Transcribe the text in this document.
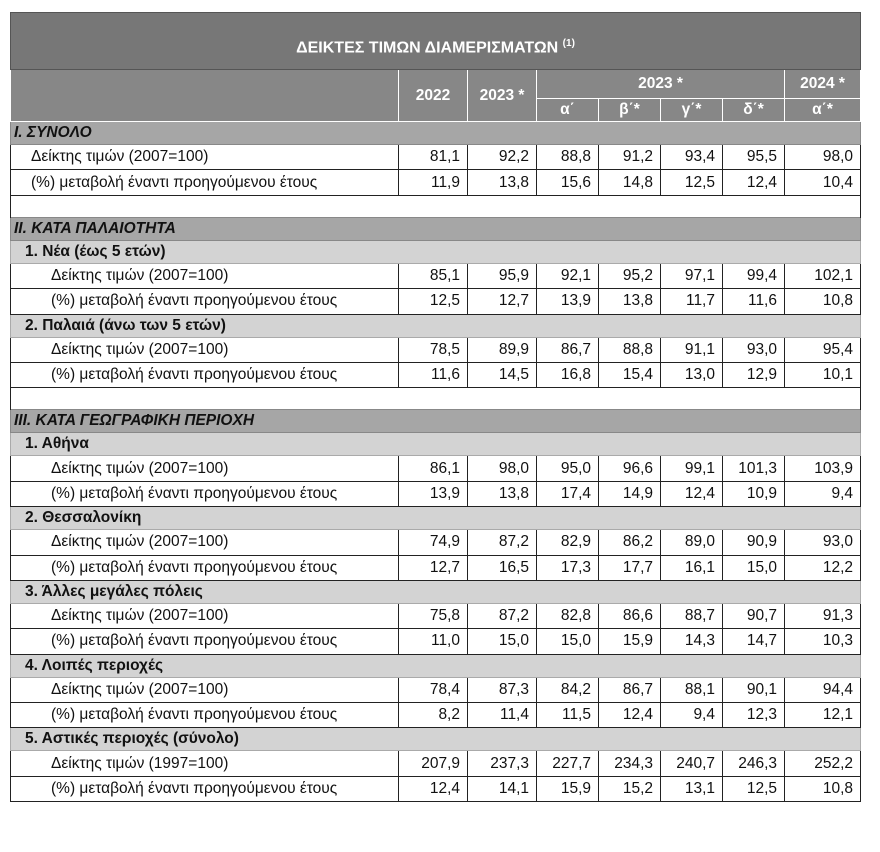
ΔΕΙΚΤΕΣ ΤΙΜΩΝ ΔΙΑΜΕΡΙΣΜΑΤΩΝ $^{(1)}$
	2022	2023 *	2023 *				2024 *
			α΄	β΄*	γ΄*	δ΄*	α΄*
I. ΣΥΝΟΛΟ							
Δείκτης τιμών (2007=100)	81,1	92,2	88,8	91,2	93,4	95,5	98,0
(%) μεταβολή έναντι προηγούμενου έτους	11,9	13,8	15,6	14,8	12,5	12,4	10,4

II. ΚΑΤΑ ΠΑΛΑΙΟΤΗΤΑ							
1. Νέα (έως 5 ετών)							
Δείκτης τιμών (2007=100)	85,1	95,9	92,1	95,2	97,1	99,4	102,1
(%) μεταβολή έναντι προηγούμενου έτους	12,5	12,7	13,9	13,8	11,7	11,6	10,8
2. Παλαιά (άνω των 5 ετών)							
Δείκτης τιμών (2007=100)	78,5	89,9	86,7	88,8	91,1	93,0	95,4
(%) μεταβολή έναντι προηγούμενου έτους	11,6	14,5	16,8	15,4	13,0	12,9	10,1

III. ΚΑΤΑ ΓΕΩΓΡΑΦΙΚΗ ΠΕΡΙΟΧΗ							
1. Αθήνα							
Δείκτης τιμών (2007=100)	86,1	98,0	95,0	96,6	99,1	101,3	103,9
(%) μεταβολή έναντι προηγούμενου έτους	13,9	13,8	17,4	14,9	12,4	10,9	9,4
2. Θεσσαλονίκη							
Δείκτης τιμών (2007=100)	74,9	87,2	82,9	86,2	89,0	90,9	93,0
(%) μεταβολή έναντι προηγούμενου έτους	12,7	16,5	17,3	17,7	16,1	15,0	12,2
3. Άλλες μεγάλες πόλεις							
Δείκτης τιμών (2007=100)	75,8	87,2	82,8	86,6	88,7	90,7	91,3
(%) μεταβολή έναντι προηγούμενου έτους	11,0	15,0	15,0	15,9	14,3	14,7	10,3
4. Λοιπές περιοχές							
Δείκτης τιμών (2007=100)	78,4	87,3	84,2	86,7	88,1	90,1	94,4
(%) μεταβολή έναντι προηγούμενου έτους	8,2	11,4	11,5	12,4	9,4	12,3	12,1
5. Αστικές περιοχές (σύνολο)							
Δείκτης τιμών (1997=100)	207,9	237,3	227,7	234,3	240,7	246,3	252,2
(%) μεταβολή έναντι προηγούμενου έτους	12,4	14,1	15,9	15,2	13,1	12,5	10,8
